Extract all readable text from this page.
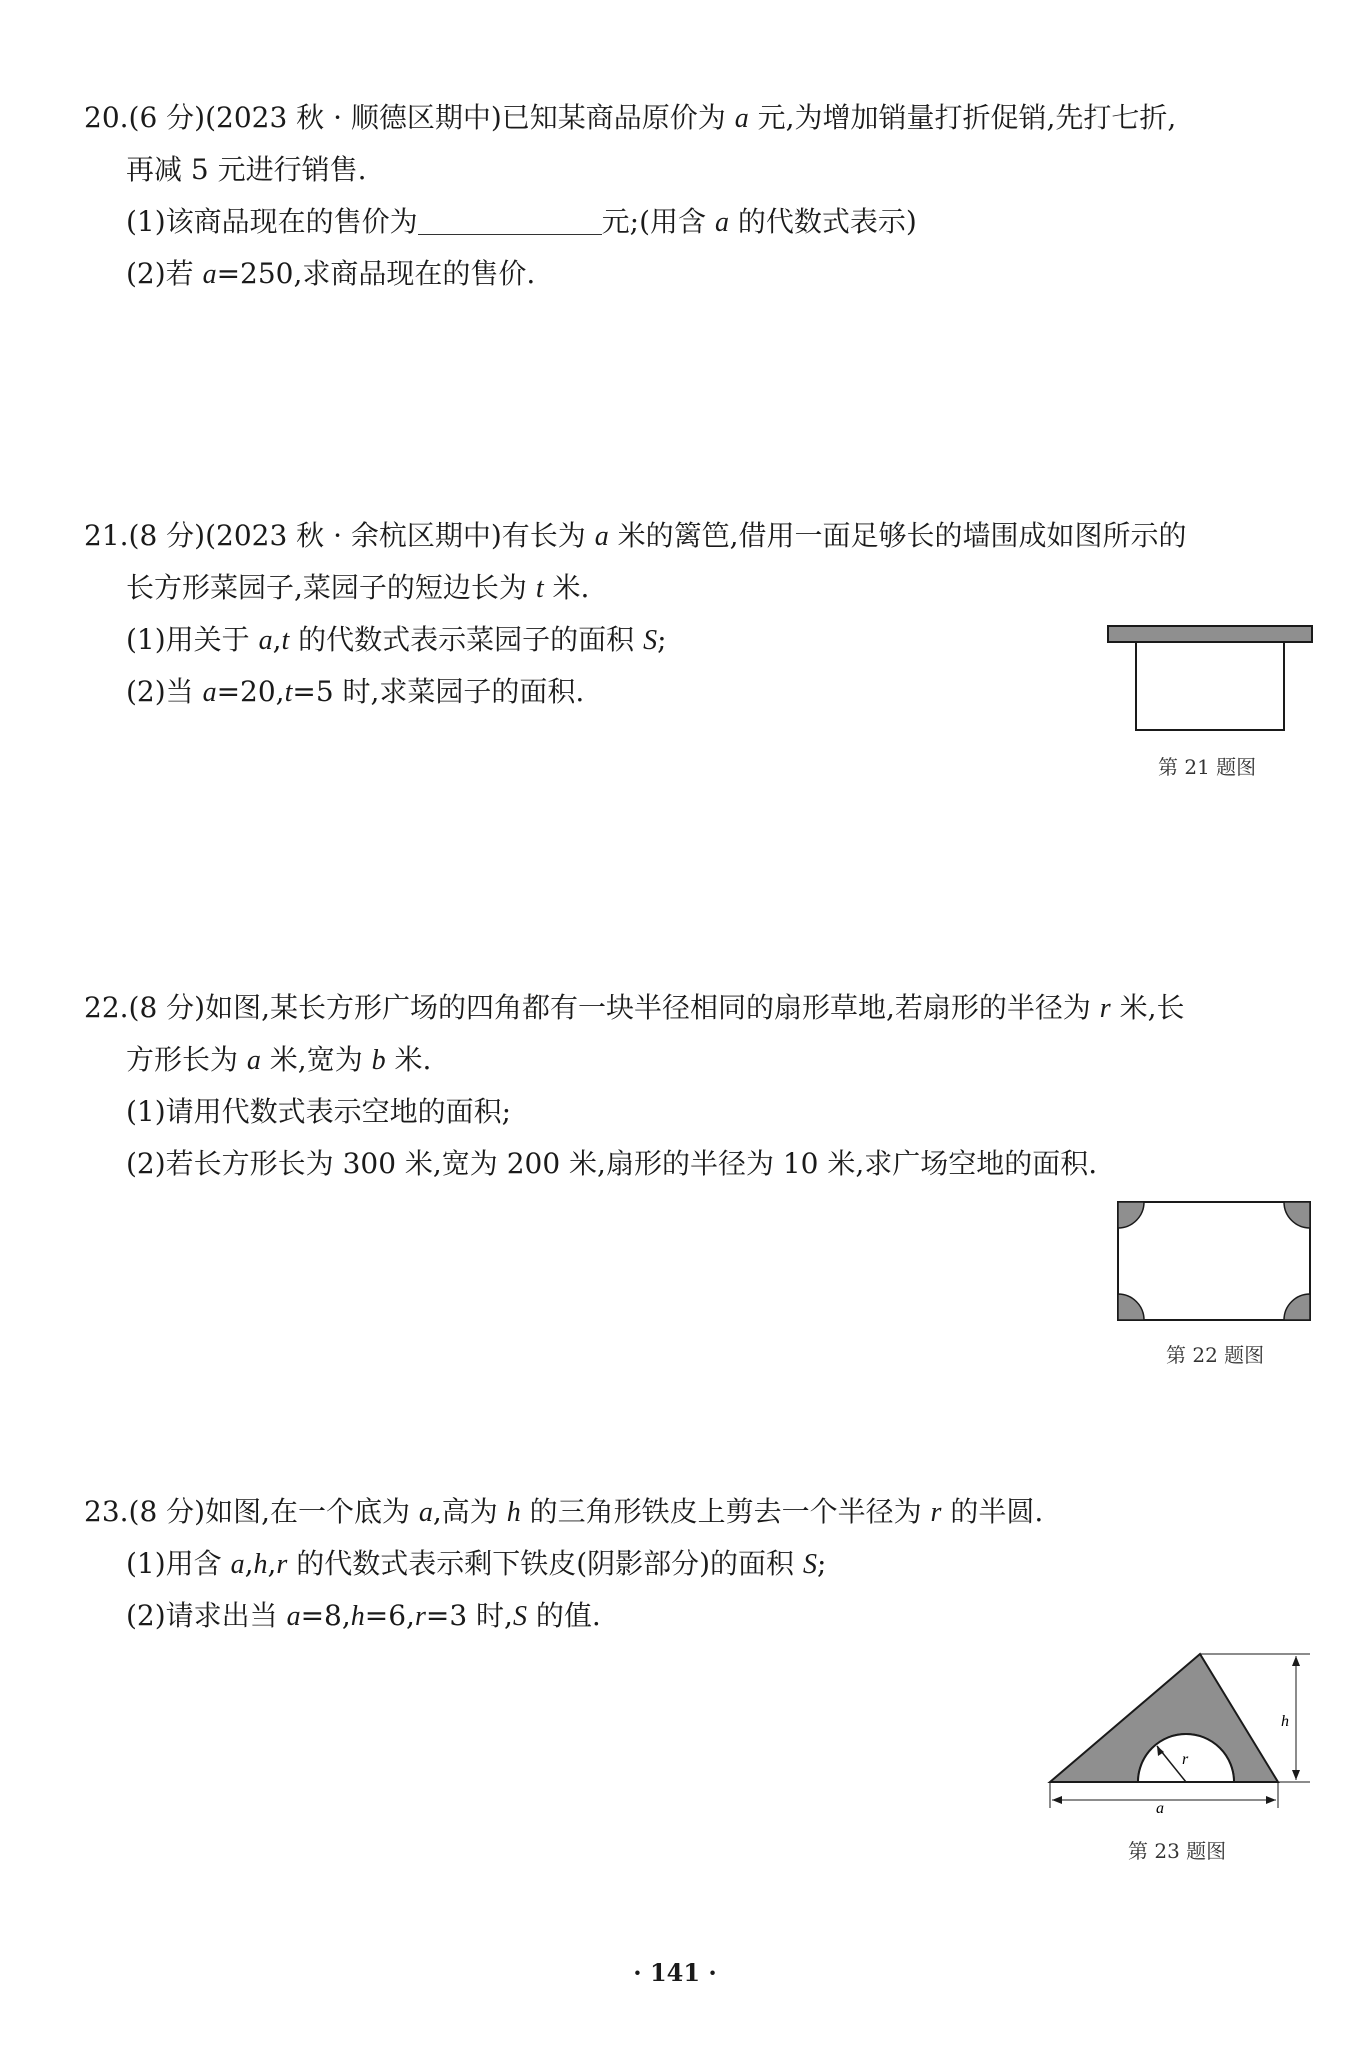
20.(6 分)(2023 秋 · 顺德区期中)已知某商品原价为 a 元,为增加销量打折促销,先打七折,
再减 5 元进行销售.
(1)该商品现在的售价为	元;(用含 a 的代数式表示)
(2)若 a=250,求商品现在的售价.
21.(8 分)(2023 秋 · 余杭区期中)有长为 a 米的篱笆,借用一面足够长的墙围成如图所示的
长方形菜园子,菜园子的短边长为 t 米.
(1)用关于 a,t 的代数式表示菜园子的面积 S;
(2)当 a=20,t=5 时,求菜园子的面积.
第 21 题图
22.(8 分)如图,某长方形广场的四角都有一块半径相同的扇形草地,若扇形的半径为 r 米,长
方形长为 a 米,宽为 b 米.
(1)请用代数式表示空地的面积;
(2)若长方形长为 300 米,宽为 200 米,扇形的半径为 10 米,求广场空地的面积.
第 22 题图
23.(8 分)如图,在一个底为 a,高为 h 的三角形铁皮上剪去一个半径为 r 的半圆.
(1)用含 a,h,r 的代数式表示剩下铁皮(阴影部分)的面积 S;
(2)请求出当 a=8,h=6,r=3 时,S 的值.
r
h
a
第 23 题图
· 141 ·
